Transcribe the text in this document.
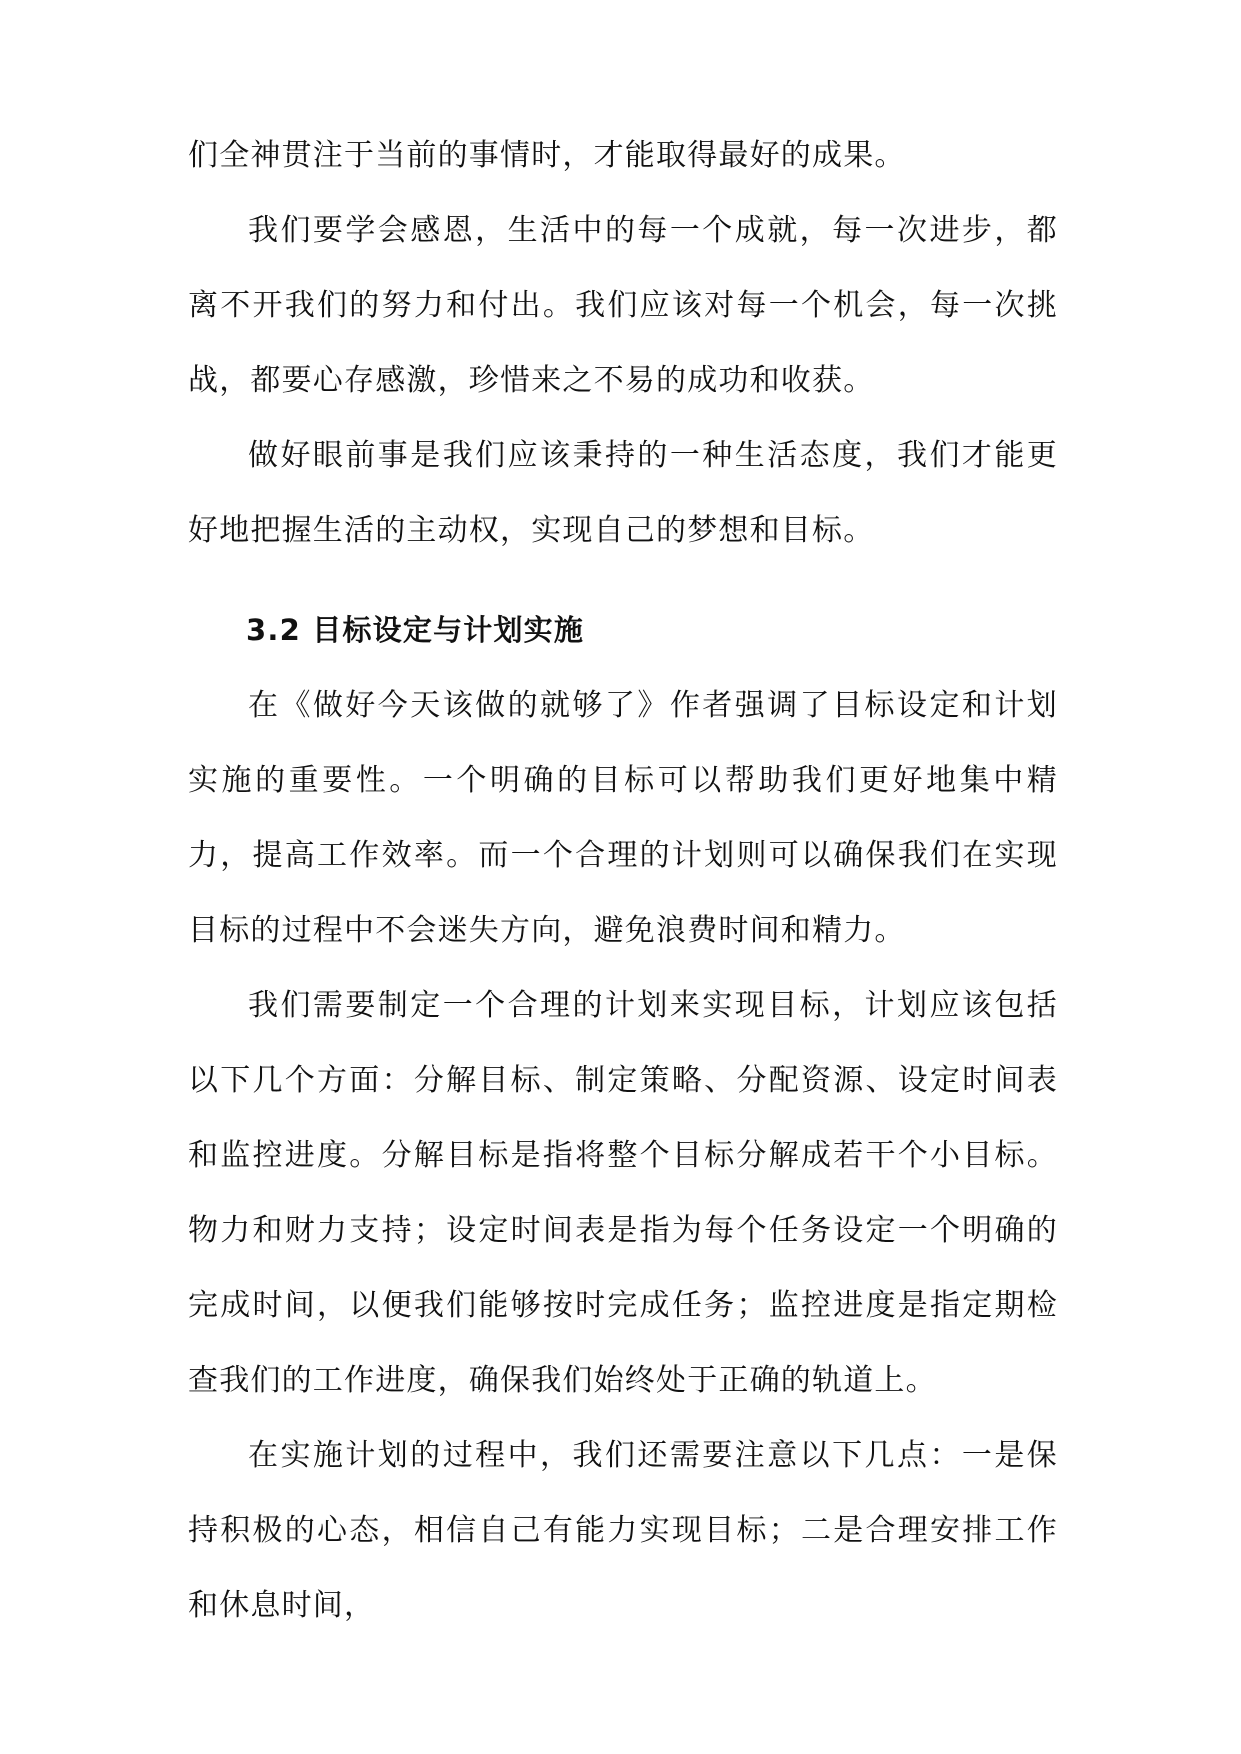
们全神贯注于当前的事情时，才能取得最好的成果。

我们要学会感恩，生活中的每一个成就，每一次进步，都离不开我们的努力和付出。我们应该对每一个机会，每一次挑战，都要心存感激，珍惜来之不易的成功和收获。

做好眼前事是我们应该秉持的一种生活态度，我们才能更好地把握生活的主动权，实现自己的梦想和目标。

3.2 目标设定与计划实施

在《做好今天该做的就够了》作者强调了目标设定和计划实施的重要性。一个明确的目标可以帮助我们更好地集中精力，提高工作效率。而一个合理的计划则可以确保我们在实现目标的过程中不会迷失方向，避免浪费时间和精力。

我们需要制定一个合理的计划来实现目标，计划应该包括以下几个方面：分解目标、制定策略、分配资源、设定时间表和监控进度。分解目标是指将整个目标分解成若干个小目标。物力和财力支持；设定时间表是指为每个任务设定一个明确的完成时间，以便我们能够按时完成任务；监控进度是指定期检查我们的工作进度，确保我们始终处于正确的轨道上。

在实施计划的过程中，我们还需要注意以下几点：一是保持积极的心态，相信自己有能力实现目标；二是合理安排工作和休息时间，
